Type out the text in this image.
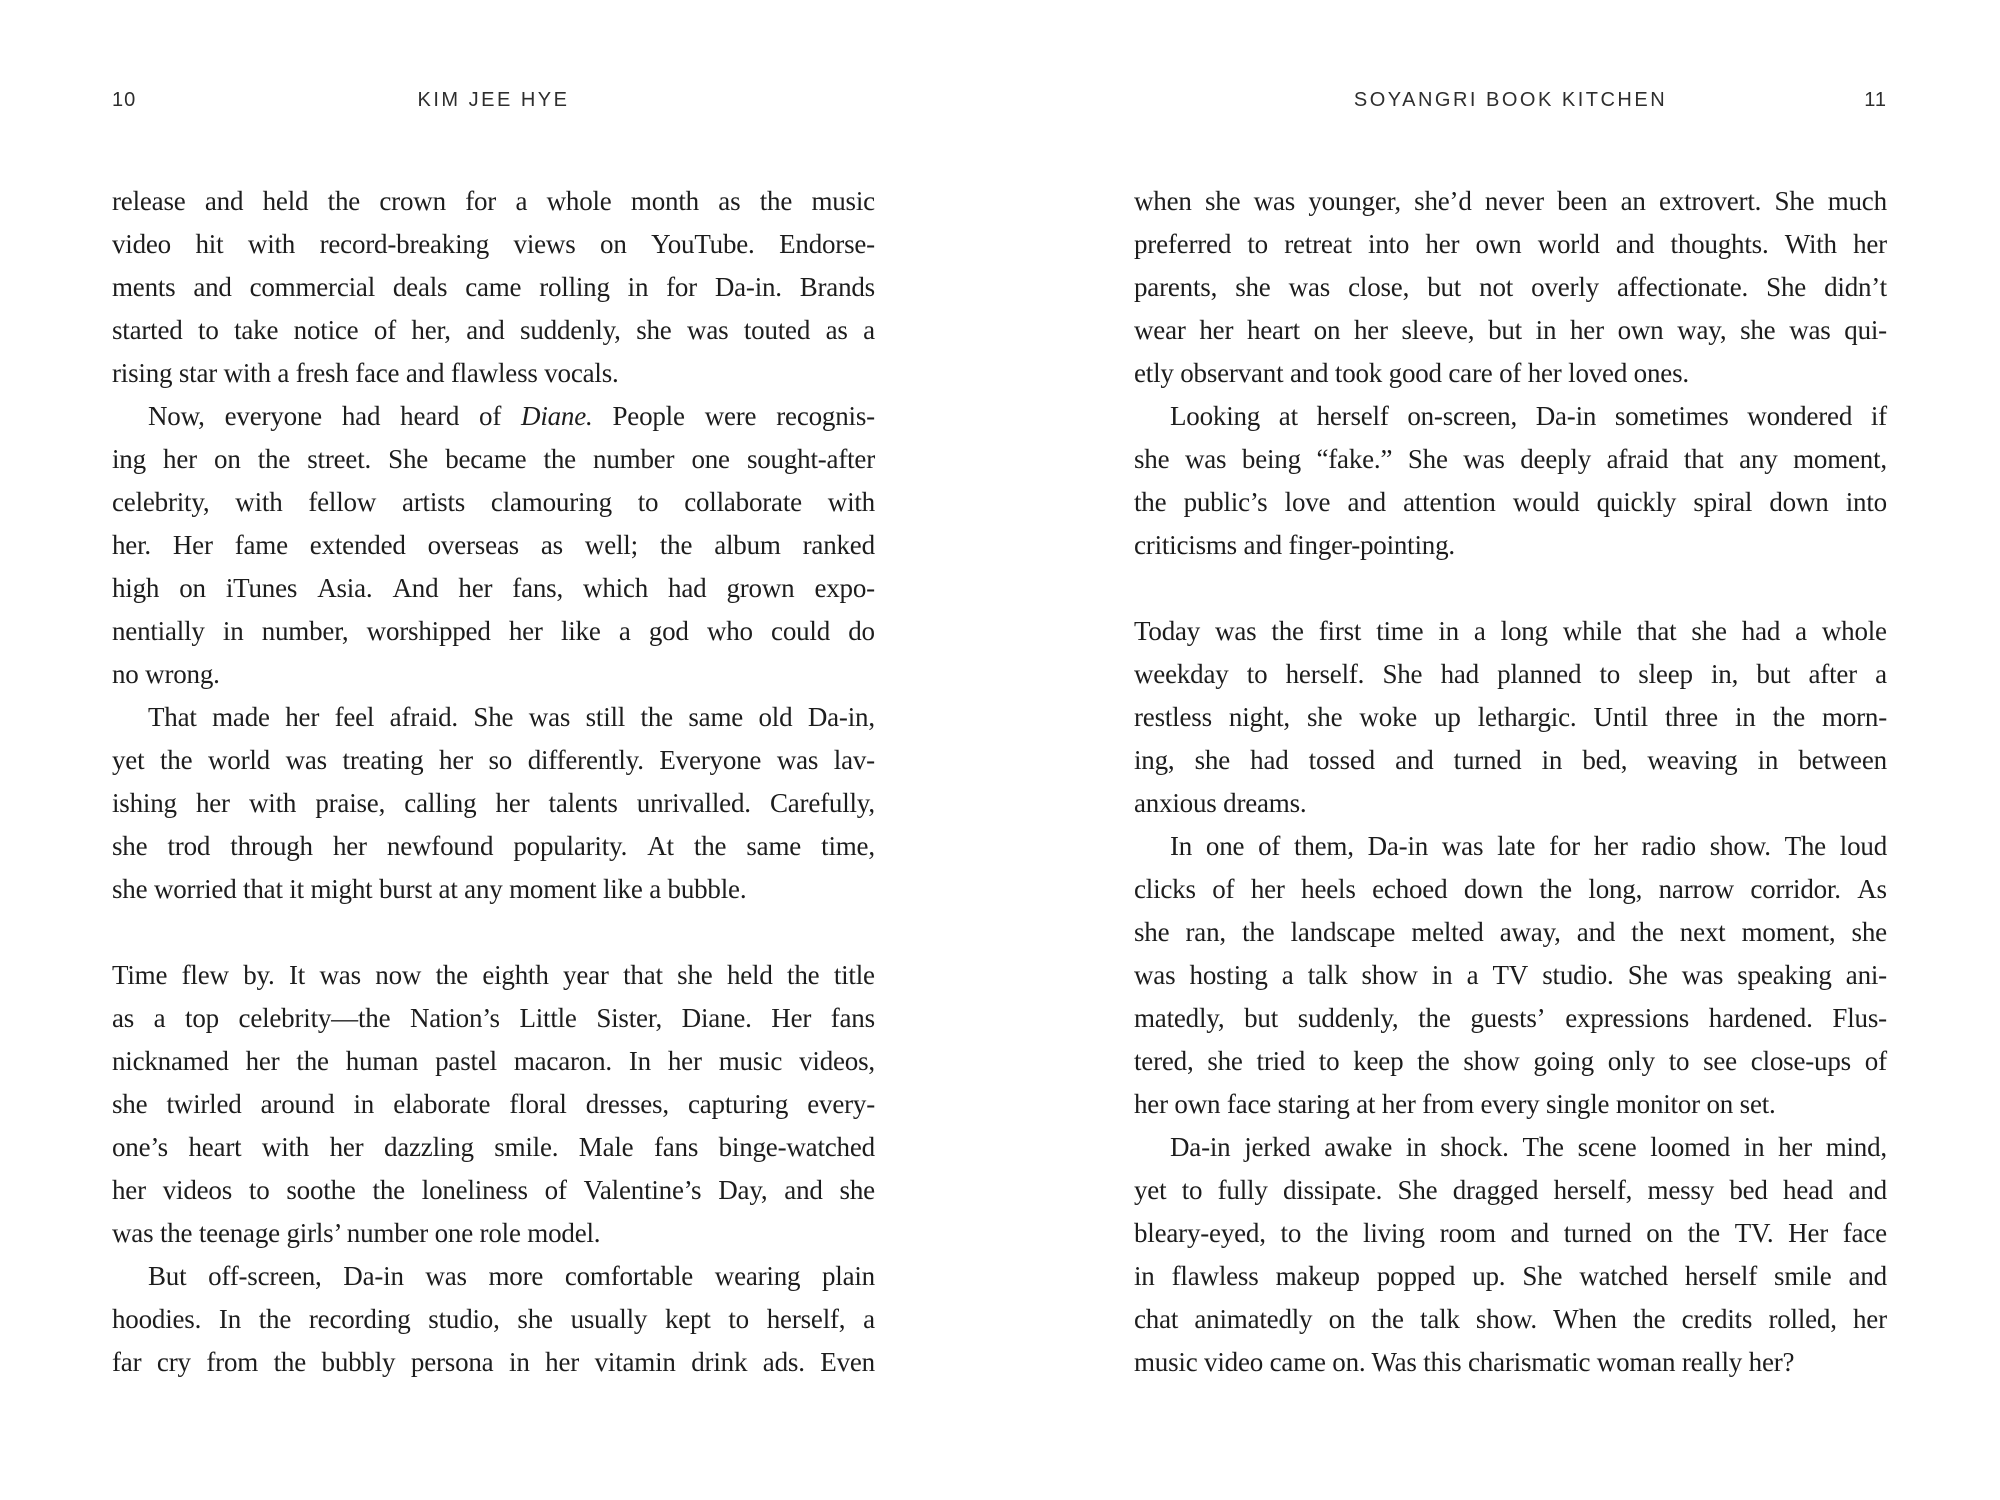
10	KIM JEE HYE	SOYANGRI BOOK KITCHEN	11
release and held the crown for a whole month as the music
video hit with record-breaking views on YouTube. Endorse-
ments and commercial deals came rolling in for Da-in. Brands
started to take notice of her, and suddenly, she was touted as a
rising star with a fresh face and flawless vocals.
Now, everyone had heard of Diane. People were recognis-
ing her on the street. She became the number one sought-after
celebrity, with fellow artists clamouring to collaborate with
her. Her fame extended overseas as well; the album ranked
high on iTunes Asia. And her fans, which had grown expo-
nentially in number, worshipped her like a god who could do
no wrong.
That made her feel afraid. She was still the same old Da-in,
yet the world was treating her so differently. Everyone was lav-
ishing her with praise, calling her talents unrivalled. Carefully,
she trod through her newfound popularity. At the same time,
she worried that it might burst at any moment like a bubble.
Time flew by. It was now the eighth year that she held the title
as a top celebrity—the Nation’s Little Sister, Diane. Her fans
nicknamed her the human pastel macaron. In her music videos,
she twirled around in elaborate floral dresses, capturing every-
one’s heart with her dazzling smile. Male fans binge-watched
her videos to soothe the loneliness of Valentine’s Day, and she
was the teenage girls’ number one role model.
But off-screen, Da-in was more comfortable wearing plain
hoodies. In the recording studio, she usually kept to herself, a
far cry from the bubbly persona in her vitamin drink ads. Even
when she was younger, she’d never been an extrovert. She much
preferred to retreat into her own world and thoughts. With her
parents, she was close, but not overly affectionate. She didn’t
wear her heart on her sleeve, but in her own way, she was qui-
etly observant and took good care of her loved ones.
Looking at herself on-screen, Da-in sometimes wondered if
she was being “fake.” She was deeply afraid that any moment,
the public’s love and attention would quickly spiral down into
criticisms and finger-pointing.
Today was the first time in a long while that she had a whole
weekday to herself. She had planned to sleep in, but after a
restless night, she woke up lethargic. Until three in the morn-
ing, she had tossed and turned in bed, weaving in between
anxious dreams.
In one of them, Da-in was late for her radio show. The loud
clicks of her heels echoed down the long, narrow corridor. As
she ran, the landscape melted away, and the next moment, she
was hosting a talk show in a TV studio. She was speaking ani-
matedly, but suddenly, the guests’ expressions hardened. Flus-
tered, she tried to keep the show going only to see close-ups of
her own face staring at her from every single monitor on set.
Da-in jerked awake in shock. The scene loomed in her mind,
yet to fully dissipate. She dragged herself, messy bed head and
bleary-eyed, to the living room and turned on the TV. Her face
in flawless makeup popped up. She watched herself smile and
chat animatedly on the talk show. When the credits rolled, her
music video came on. Was this charismatic woman really her?
